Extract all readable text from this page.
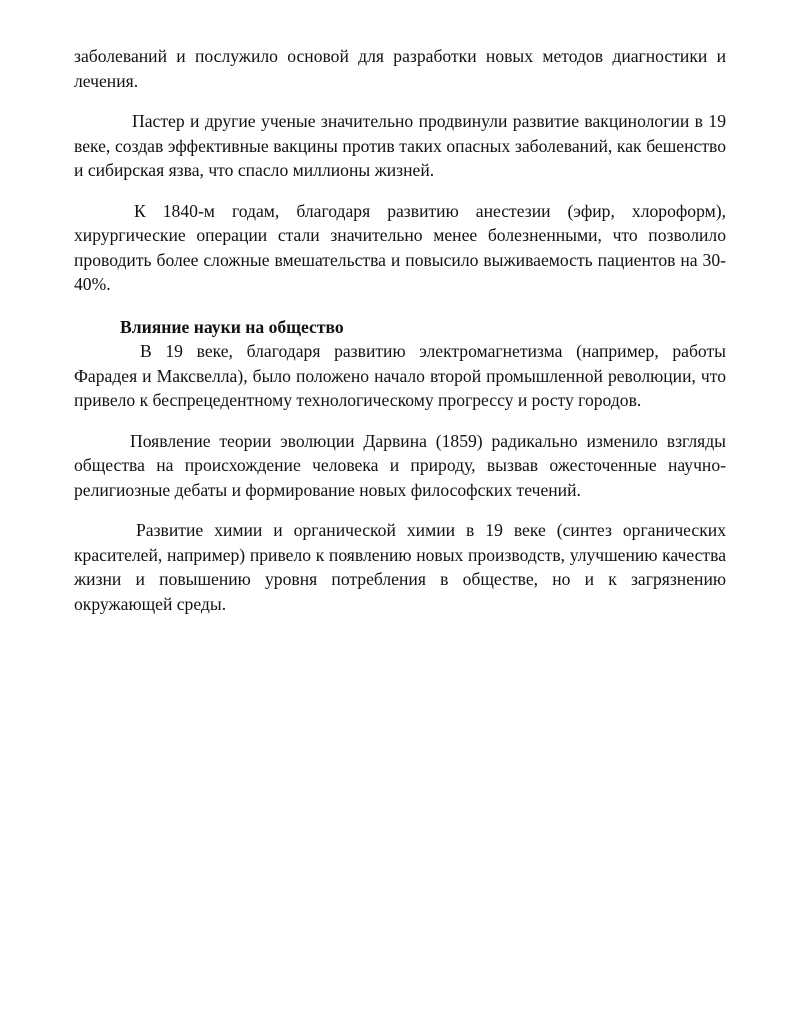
заболеваний и послужило основой для разработки новых методов диагностики и лечения.

Пастер и другие ученые значительно продвинули развитие вакцинологии в 19 веке, создав эффективные вакцины против таких опасных заболеваний, как бешенство и сибирская язва, что спасло миллионы жизней.

К 1840-м годам, благодаря развитию анестезии (эфир, хлороформ), хирургические операции стали значительно менее болезненными, что позволило проводить более сложные вмешательства и повысило выживаемость пациентов на 30-40%.

Влияние науки на общество

В 19 веке, благодаря развитию электромагнетизма (например, работы Фарадея и Максвелла), было положено начало второй промышленной революции, что привело к беспрецедентному технологическому прогрессу и росту городов.

Появление теории эволюции Дарвина (1859) радикально изменило взгляды общества на происхождение человека и природу, вызвав ожесточенные научно-религиозные дебаты и формирование новых философских течений.

Развитие химии и органической химии в 19 веке (синтез органических красителей, например) привело к появлению новых производств, улучшению качества жизни и повышению уровня потребления в обществе, но и к загрязнению окружающей среды.
